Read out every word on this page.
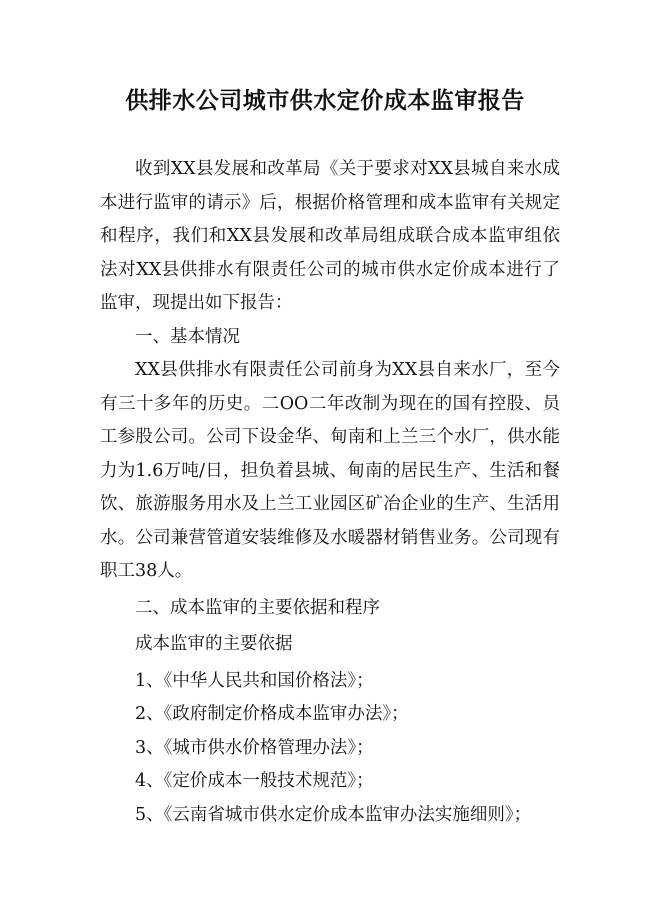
供排水公司城市供水定价成本监审报告

收到XX县发展和改革局《关于要求对XX县城自来水成本进行监审的请示》后，根据价格管理和成本监审有关规定和程序，我们和XX县发展和改革局组成联合成本监审组依法对XX县供排水有限责任公司的城市供水定价成本进行了监审，现提出如下报告：

一、基本情况

XX县供排水有限责任公司前身为XX县自来水厂，至今有三十多年的历史。二OO二年改制为现在的国有控股、员工参股公司。公司下设金华、甸南和上兰三个水厂，供水能力为1.6万吨/日，担负着县城、甸南的居民生产、生活和餐饮、旅游服务用水及上兰工业园区矿冶企业的生产、生活用水。公司兼营管道安装维修及水暖器材销售业务。公司现有职工38人。

二、成本监审的主要依据和程序

成本监审的主要依据

1、《中华人民共和国价格法》；
2、《政府制定价格成本监审办法》；
3、《城市供水价格管理办法》；
4、《定价成本一般技术规范》；
5、《云南省城市供水定价成本监审办法实施细则》；
